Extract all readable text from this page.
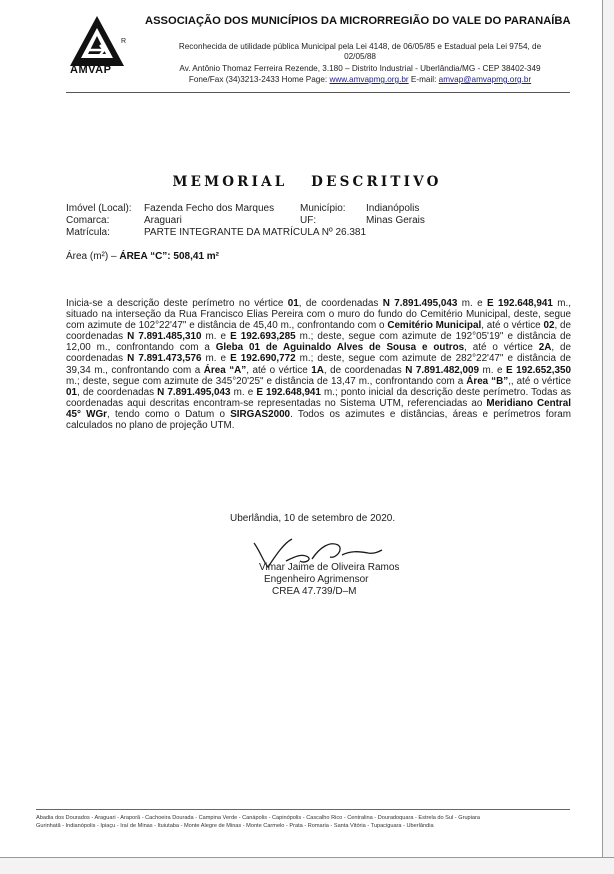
AMVAP
R
ASSOCIAÇÃO DOS MUNICÍPIOS DA MICRORREGIÃO DO VALE DO PARANAÍBA
Reconhecida de utilidade pública Municipal pela Lei 4148, de 06/05/85 e Estadual pela Lei 9754, de
02/05/88
Av. Antônio Thomaz Ferreira Rezende, 3.180 – Distrito Industrial - Uberlândia/MG - CEP 38402-349
Fone/Fax (34)3213-2433 Home Page: www.amvapmg.org.br E-mail: amvap@amvapmg.org.br
MEMORIAL   DESCRITIVO
Imóvel (Local): Fazenda Fecho dos Marques	Município: Indianópolis
Comarca:	Araguari	UF:	Minas Gerais
Matrícula:	PARTE INTEGRANTE DA MATRÍCULA Nº 26.381
Área (m²) – ÁREA “C”: 508,41 m²
Inicia-se a descrição deste perímetro no vértice 01, de coordenadas N 7.891.495,043 m. e E 192.648,941 m., situado na interseção da Rua Francisco Elias Pereira com o muro do fundo do Cemitério Municipal, deste, segue com azimute de 102°22'47" e distância de 45,40 m., confrontando com o Cemitério Municipal, até o vértice 02, de coordenadas N 7.891.485,310 m. e E 192.693,285 m.; deste, segue com azimute de 192°05'19" e distância de 12,00 m., confrontando com a Gleba 01 de Aguinaldo Alves de Sousa e outros, até o vértice 2A, de coordenadas N 7.891.473,576 m. e E 192.690,772 m.; deste, segue com azimute de 282°22'47" e distância de 39,34 m., confrontando com a Área “A”, até o vértice 1A, de coordenadas N 7.891.482,009 m. e E 192.652,350 m.; deste, segue com azimute de 345°20'25" e distância de 13,47 m., confrontando com a Área “B”,, até o vértice 01, de coordenadas N 7.891.495,043 m. e E 192.648,941 m.; ponto inicial da descrição deste perímetro. Todas as coordenadas aqui descritas encontram-se representadas no Sistema UTM, referenciadas ao Meridiano Central 45° WGr, tendo como o Datum o SIRGAS2000. Todos os azimutes e distâncias, áreas e perímetros foram calculados no plano de projeção UTM.
Uberlândia, 10 de setembro de 2020.
Vimar Jaime de Oliveira Ramos
Engenheiro Agrimensor
CREA 47.739/D–M
Abadia dos Dourados - Araguari - Araporã - Cachoeira Dourada - Campina Verde - Canápolis - Capinópolis - Cascalho Rico - Centralina - Douradoquara - Estrela do Sul - Grupiara
Gurinhatã - Indianópolis - Ipiaçu - Iraí de Minas - Ituiutaba - Monte Alegre de Minas - Monte Carmelo - Prata - Romaria - Santa Vitória - Tupaciguara - Uberlândia
